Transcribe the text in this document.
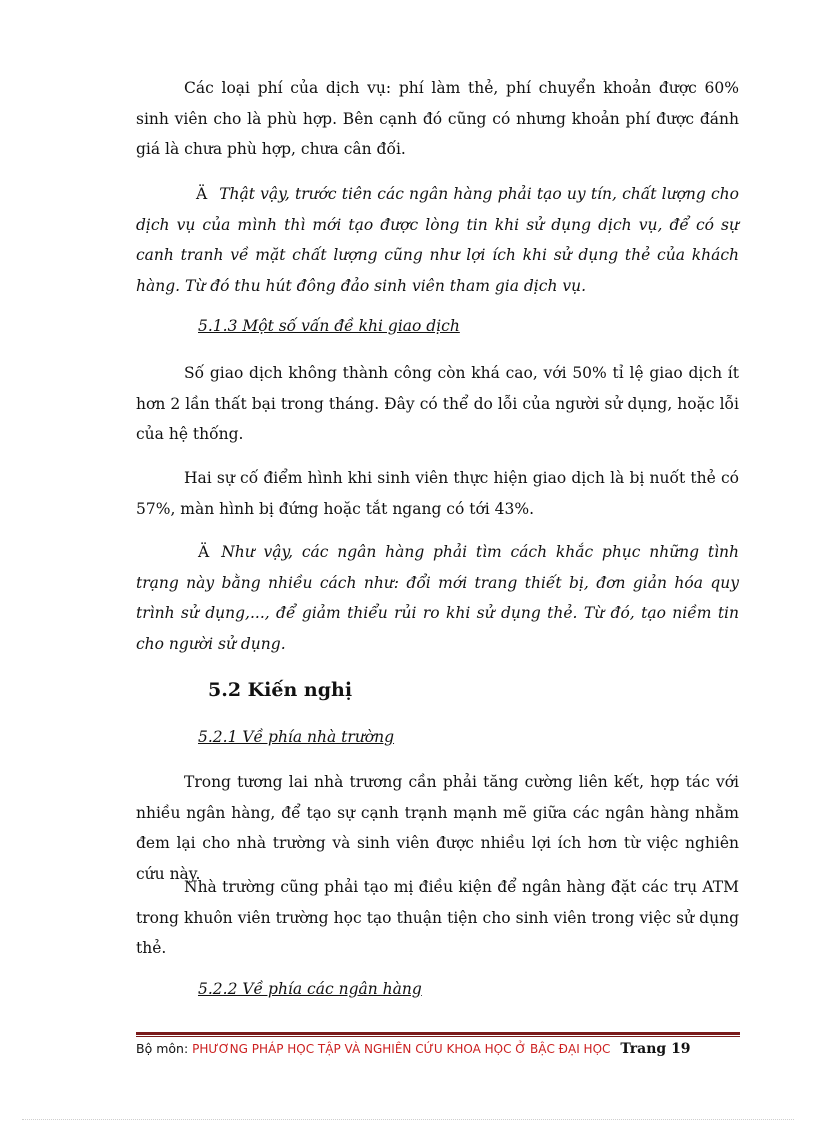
Các loại phí của dịch vụ: phí làm thẻ, phí chuyển khoản được 60% sinh viên cho là phù hợp. Bên cạnh đó cũng có nhưng khoản phí được đánh giá là chưa phù hợp, chưa cân đối.

Ä Thật vậy, trước tiên các ngân hàng phải tạo uy tín, chất lượng cho dịch vụ của mình thì mới tạo được lòng tin khi sử dụng dịch vụ, để có sự canh tranh về mặt chất lượng cũng như lợi ích khi sử dụng thẻ của khách hàng. Từ đó thu hút đông đảo sinh viên tham gia dịch vụ.

5.1.3 Một số vấn đề khi giao dịch

Số giao dịch không thành công còn khá cao, với 50% tỉ lệ giao dịch ít hơn 2 lần thất bại trong tháng. Đây có thể do lỗi của người sử dụng, hoặc lỗi của hệ thống.

Hai sự cố điểm hình khi sinh viên thực hiện giao dịch là bị nuốt thẻ có 57%, màn hình bị đứng hoặc tắt ngang có tới 43%.

Ä Như vậy, các ngân hàng phải tìm cách khắc phục những tình trạng này bằng nhiều cách như: đổi mới trang thiết bị, đơn giản hóa quy trình sử dụng,..., để giảm thiểu rủi ro khi sử dụng thẻ. Từ đó, tạo niềm tin cho người sử dụng.

5.2 Kiến nghị

5.2.1 Về phía nhà trường

Trong tương lai nhà trương cần phải tăng cường liên kết, hợp tác với nhiều ngân hàng, để tạo sự cạnh trạnh mạnh mẽ giữa các ngân hàng nhằm đem lại cho nhà trường và sinh viên được nhiều lợi ích hơn từ việc nghiên cứu này.

Nhà trường cũng phải tạo mị điều kiện để ngân hàng đặt các trụ ATM trong khuôn viên trường học tạo thuận tiện cho sinh viên trong việc sử dụng thẻ.

5.2.2 Về phía các ngân hàng

Bộ môn: PHƯƠNG PHÁP HỌC TẬP VÀ NGHIÊN CỨU KHOA HỌC Ở BẬC ĐẠI HỌC Trang 19
